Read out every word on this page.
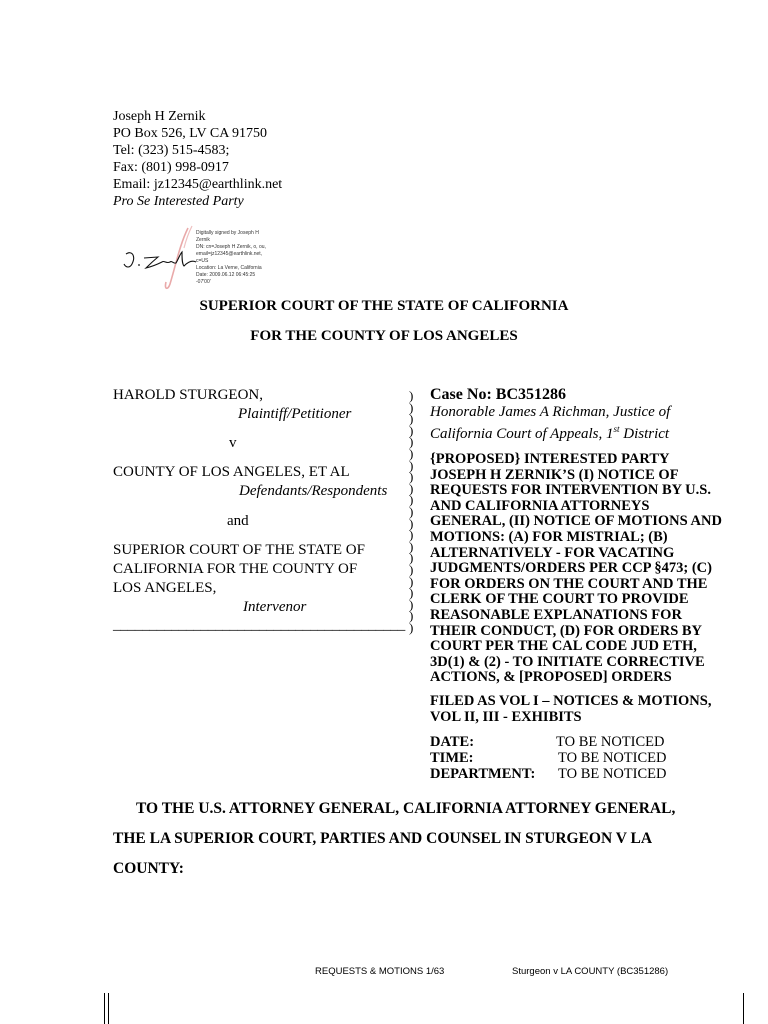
Joseph H Zernik
PO Box 526, LV CA 91750
Tel: (323) 515-4583;
Fax: (801) 998-0917
Email: jz12345@earthlink.net
Pro Se Interested Party
Digitally signed by Joseph H
Zernik
DN: cn=Joseph H Zernik, o, ou,
email=jz12345@earthlink.net,
c=US
Location: La Verne, California
Date: 2009.06.12 06:45:25
-07'00'
SUPERIOR COURT OF THE STATE OF CALIFORNIA
FOR THE COUNTY OF LOS ANGELES
HAROLD STURGEON,
Plaintiff/Petitioner
v
COUNTY OF LOS ANGELES, ET AL
Defendants/Respondents
and
SUPERIOR COURT OF THE STATE OF
CALIFORNIA FOR THE COUNTY OF
LOS ANGELES,
Intervenor
________________________________________
)
)
)
)
)
)
)
)
)
)
)
)
)
)
)
)
)
)
)
)
)
Case No: BC351286
Honorable James A Richman, Justice of
California Court of Appeals, 1st District
{PROPOSED} INTERESTED PARTY
JOSEPH H ZERNIK’S (I) NOTICE OF
REQUESTS FOR INTERVENTION BY U.S.
AND CALIFORNIA ATTORNEYS
GENERAL, (II) NOTICE OF MOTIONS AND
MOTIONS: (A) FOR MISTRIAL; (B)
ALTERNATIVELY - FOR VACATING
JUDGMENTS/ORDERS PER CCP §473; (C)
FOR ORDERS ON THE COURT AND THE
CLERK OF THE COURT TO PROVIDE
REASONABLE EXPLANATIONS FOR
THEIR CONDUCT, (D) FOR ORDERS BY
COURT PER THE CAL CODE JUD ETH,
3D(1) & (2) - TO INITIATE CORRECTIVE
ACTIONS, & [PROPOSED] ORDERS
FILED AS VOL I – NOTICES & MOTIONS,
VOL II, III - EXHIBITS
DATE:	TO BE NOTICED
TIME:	TO BE NOTICED
DEPARTMENT: TO BE NOTICED
TO THE U.S. ATTORNEY GENERAL, CALIFORNIA ATTORNEY GENERAL,
THE LA SUPERIOR COURT, PARTIES AND COUNSEL IN STURGEON V LA
COUNTY:
REQUESTS & MOTIONS 1/63	Sturgeon v LA COUNTY (BC351286)
